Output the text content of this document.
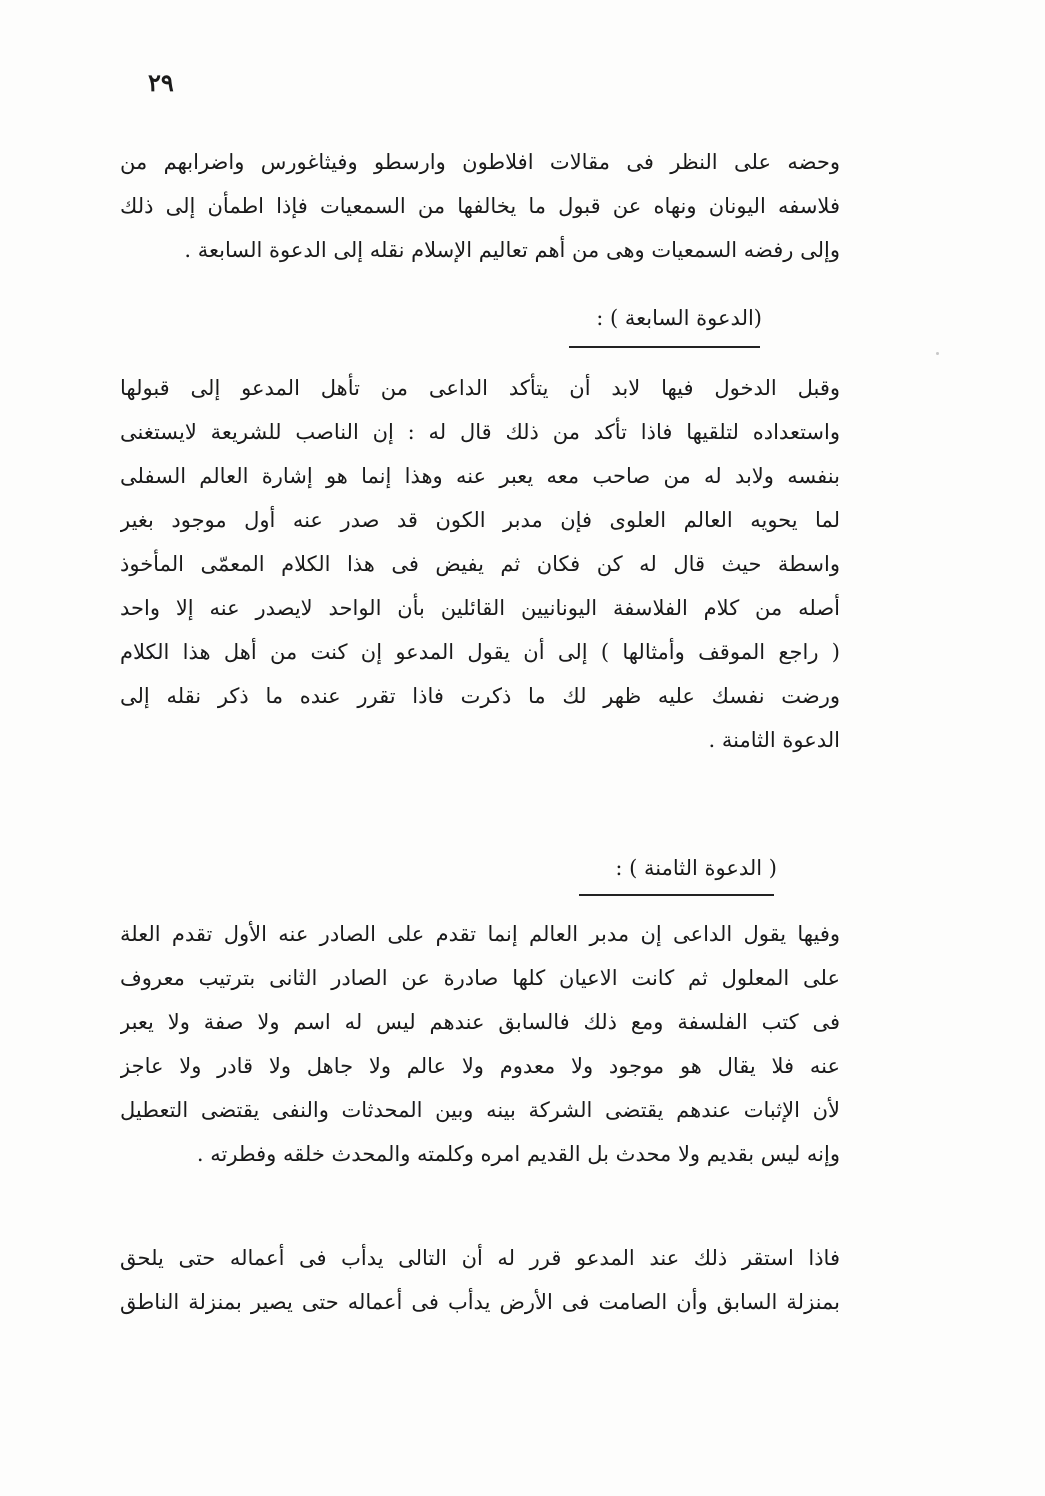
٢٩
وحضه على النظر فى مقالات افلاطون وارسطو وفيثاغورس واضرابهم من
فلاسفه اليونان ونهاه عن قبول ما يخالفها من السمعيات فإذا اطمأن إلى ذلك
وإلى رفضه السمعيات وهى من أهم تعاليم الإسلام نقله إلى الدعوة السابعة .
(الدعوة السابعة ) :
وقبل الدخول فيها لابد أن يتأكد الداعى من تأهل المدعو إلى قبولها
واستعداده لتلقيها فاذا تأكد من ذلك قال له : إن الناصب للشريعة لايستغنى
بنفسه ولابد له من صاحب معه يعبر عنه وهذا إنما هو إشارة العالم السفلى
لما يحويه العالم العلوى فإن مدبر الكون قد صدر عنه أول موجود بغير
واسطة حيث قال له كن فكان ثم يفيض فى هذا الكلام المعمّى المأخوذ
أصله من كلام الفلاسفة اليونانيين القائلين بأن الواحد لايصدر عنه إلا واحد
( راجع الموقف وأمثالها ) إلى أن يقول المدعو إن كنت من أهل هذا الكلام
ورضت نفسك عليه ظهر لك ما ذكرت فاذا تقرر عنده ما ذكر نقله إلى
الدعوة الثامنة .
( الدعوة الثامنة ) :
وفيها يقول الداعى إن مدبر العالم إنما تقدم على الصادر عنه الأول تقدم العلة
على المعلول ثم كانت الاعيان كلها صادرة عن الصادر الثانى بترتيب معروف
فى كتب الفلسفة ومع ذلك فالسابق عندهم ليس له اسم ولا صفة ولا يعبر
عنه فلا يقال هو موجود ولا معدوم ولا عالم ولا جاهل ولا قادر ولا عاجز
لأن الإثبات عندهم يقتضى الشركة بينه وبين المحدثات والنفى يقتضى التعطيل
وإنه ليس بقديم ولا محدث بل القديم امره وكلمته والمحدث خلقه وفطرته .
فاذا استقر ذلك عند المدعو قرر له أن التالى يدأب فى أعماله حتى يلحق
بمنزلة السابق وأن الصامت فى الأرض يدأب فى أعماله حتى يصير بمنزلة الناطق
